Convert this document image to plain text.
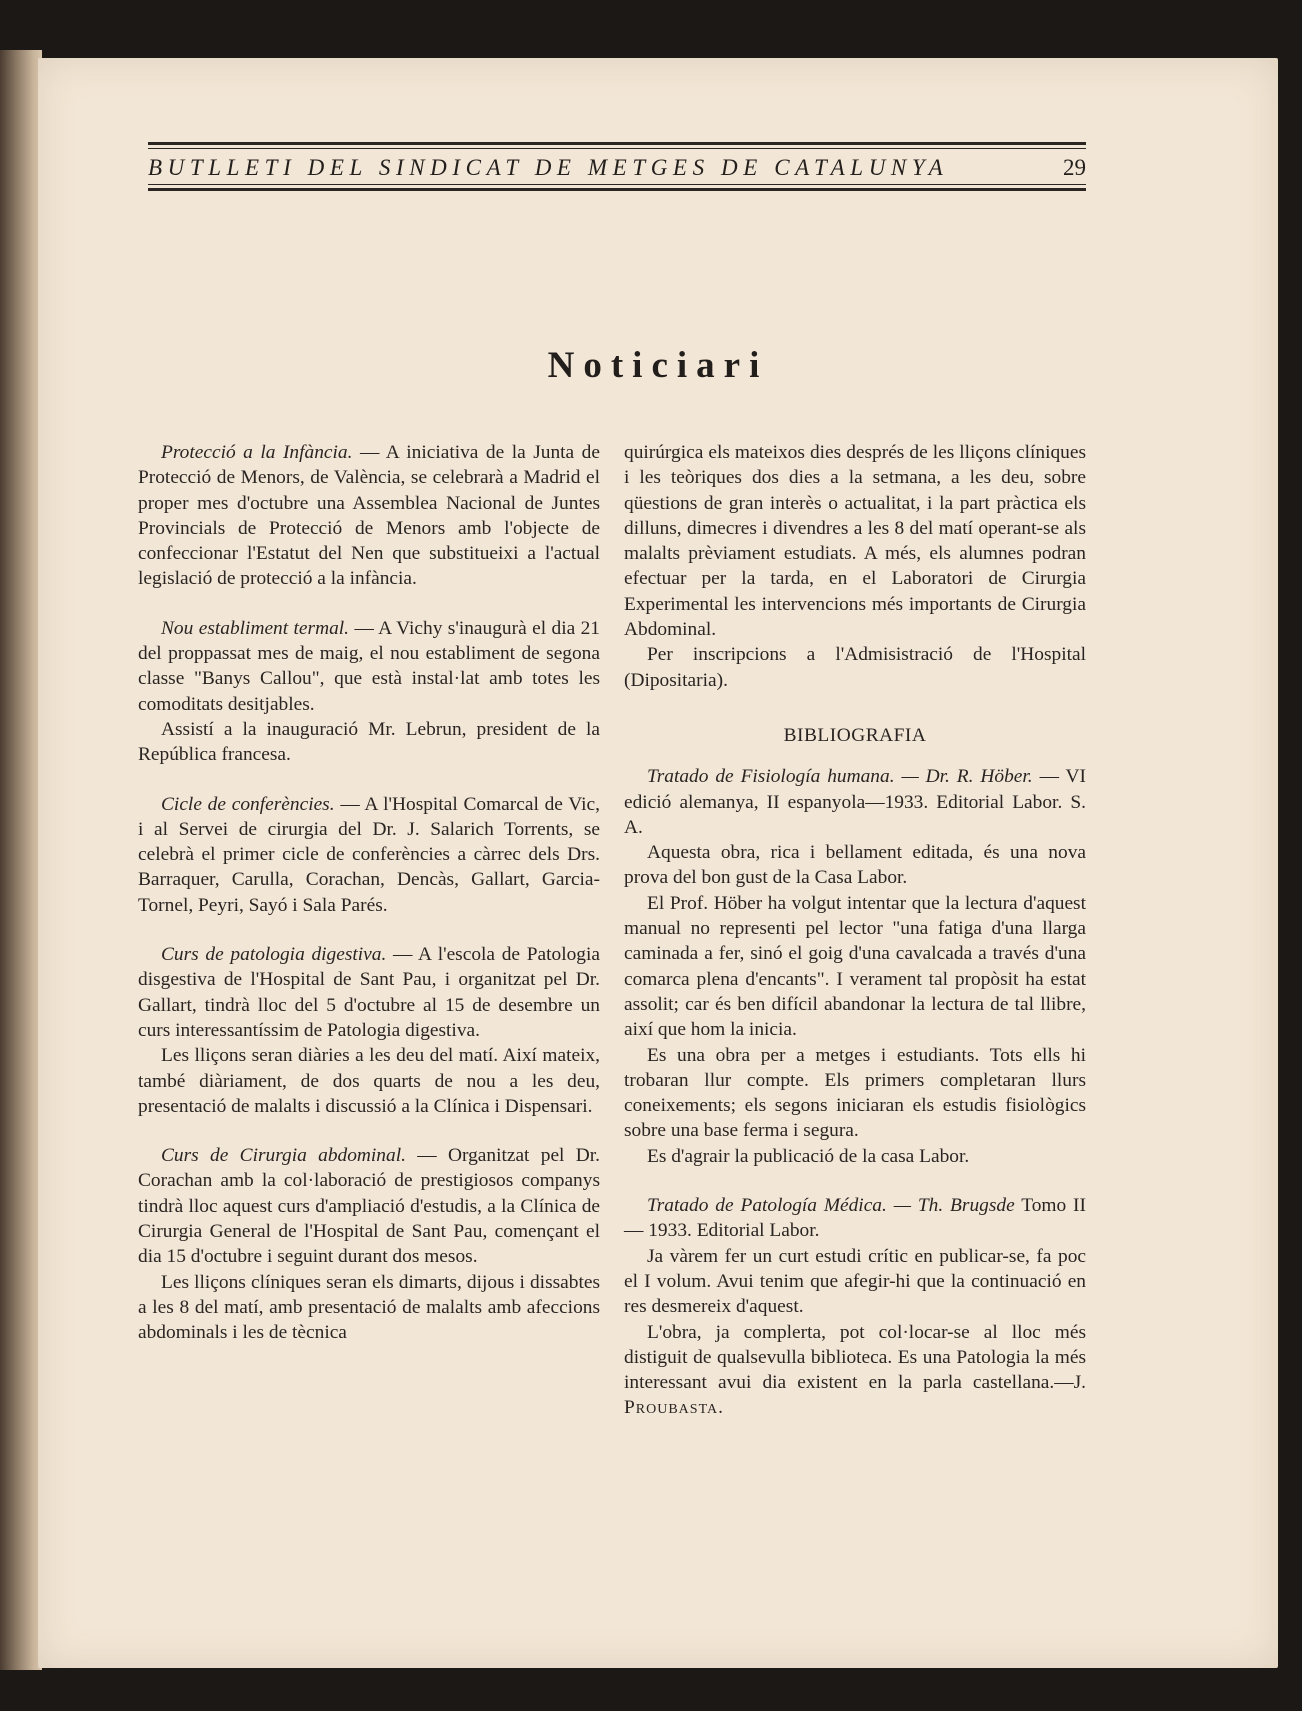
BUTLLETI DEL SINDICAT DE METGES DE CATALUNYA	29
Noticiari

Protecció a la Infància. — A iniciativa de la Junta de Protecció de Menors, de València, se celebrarà a Madrid el proper mes d'octubre una Assemblea Nacional de Juntes Provincials de Protecció de Menors amb l'objecte de confeccionar l'Estatut del Nen que substitueixi a l'actual legislació de protecció a la infància.

Nou establiment termal. — A Vichy s'inaugurà el dia 21 del proppassat mes de maig, el nou establiment de segona classe "Banys Callou", que està instal·lat amb totes les comoditats desitjables.

Assistí a la inauguració Mr. Lebrun, president de la República francesa.

Cicle de conferències. — A l'Hospital Comarcal de Vic, i al Servei de cirurgia del Dr. J. Salarich Torrents, se celebrà el primer cicle de conferències a càrrec dels Drs. Barraquer, Carulla, Corachan, Dencàs, Gallart, Garcia-Tornel, Peyri, Sayó i Sala Parés.

Curs de patologia digestiva. — A l'escola de Patologia disgestiva de l'Hospital de Sant Pau, i organitzat pel Dr. Gallart, tindrà lloc del 5 d'octubre al 15 de desembre un curs interessantíssim de Patologia digestiva.

Les lliçons seran diàries a les deu del matí. Així mateix, també diàriament, de dos quarts de nou a les deu, presentació de malalts i discussió a la Clínica i Dispensari.

Curs de Cirurgia abdominal. — Organitzat pel Dr. Corachan amb la col·laboració de prestigiosos companys tindrà lloc aquest curs d'ampliació d'estudis, a la Clínica de Cirurgia General de l'Hospital de Sant Pau, començant el dia 15 d'octubre i seguint durant dos mesos.

Les lliçons clíniques seran els dimarts, dijous i dissabtes a les 8 del matí, amb presentació de malalts amb afeccions abdominals i les de tècnica

quirúrgica els mateixos dies després de les lliçons clíniques i les teòriques dos dies a la setmana, a les deu, sobre qüestions de gran interès o actualitat, i la part pràctica els dilluns, dimecres i divendres a les 8 del matí operant-se als malalts prèviament estudiats. A més, els alumnes podran efectuar per la tarda, en el Laboratori de Cirurgia Experimental les intervencions més importants de Cirurgia Abdominal.

Per inscripcions a l'Admisistració de l'Hospital (Dipositaria).

BIBLIOGRAFIA

Tratado de Fisiología humana. — Dr. R. Höber. — VI edició alemanya, II espanyola—1933. Editorial Labor. S. A.

Aquesta obra, rica i bellament editada, és una nova prova del bon gust de la Casa Labor.

El Prof. Höber ha volgut intentar que la lectura d'aquest manual no representi pel lector "una fatiga d'una llarga caminada a fer, sinó el goig d'una cavalcada a través d'una comarca plena d'encants". I verament tal propòsit ha estat assolit; car és ben difícil abandonar la lectura de tal llibre, així que hom la inicia.

Es una obra per a metges i estudiants. Tots ells hi trobaran llur compte. Els primers completaran llurs coneixements; els segons iniciaran els estudis fisiològics sobre una base ferma i segura.

Es d'agrair la publicació de la casa Labor.

Tratado de Patología Médica. — Th. Brugsde Tomo II — 1933. Editorial Labor.

Ja vàrem fer un curt estudi crític en publicar-se, fa poc el I volum. Avui tenim que afegir-hi que la continuació en res desmereix d'aquest.

L'obra, ja complerta, pot col·locar-se al lloc més distiguit de qualsevulla biblioteca. Es una Patologia la més interessant avui dia existent en la parla castellana.—J. Proubasta.
